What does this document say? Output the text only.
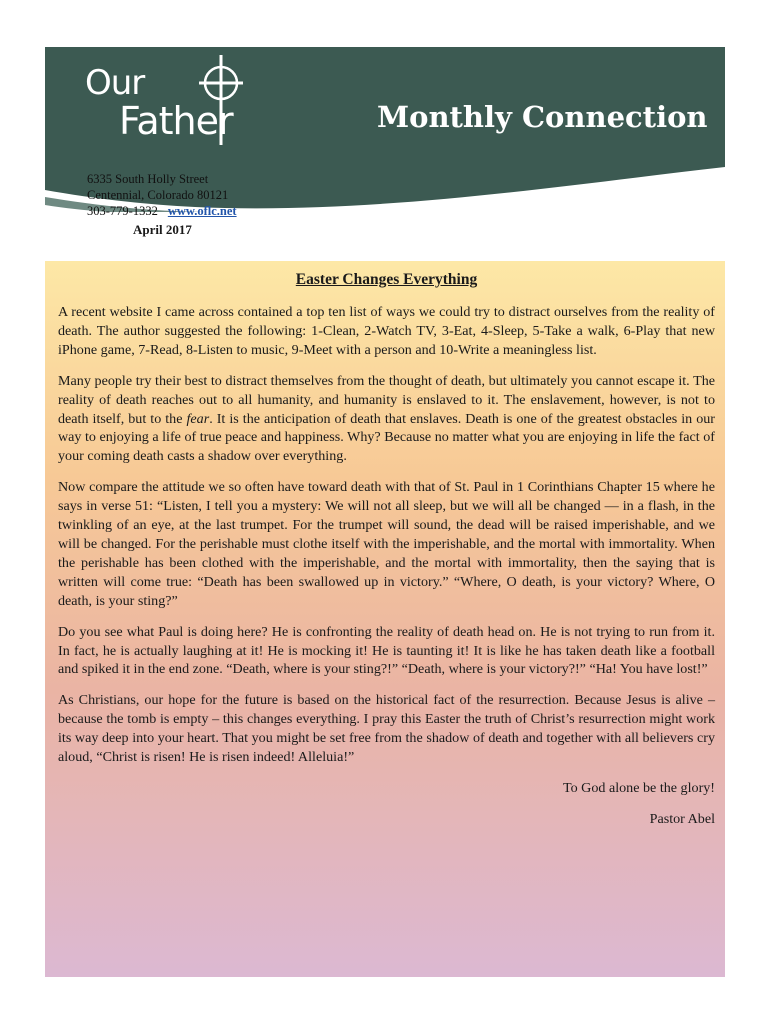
Our
Father	Monthly Connection
6335 South Holly Street
Centennial, Colorado 80121
303-779-1332 www.oflc.net
April 2017
Easter Changes Everything

A recent website I came across contained a top ten list of ways we could try to distract ourselves from the reality of death. The author suggested the following: 1-Clean, 2-Watch TV, 3-Eat, 4-Sleep, 5-Take a walk, 6-Play that new iPhone game, 7-Read, 8-Listen to music, 9-Meet with a person and 10-Write a meaningless list.

Many people try their best to distract themselves from the thought of death, but ultimately you cannot escape it. The reality of death reaches out to all humanity, and humanity is enslaved to it. The enslavement, however, is not to death itself, but to the fear. It is the anticipation of death that enslaves. Death is one of the greatest obstacles in our way to enjoying a life of true peace and happiness. Why? Because no matter what you are enjoying in life the fact of your coming death casts a shadow over everything.

Now compare the attitude we so often have toward death with that of St. Paul in 1 Corinthians Chapter 15 where he says in verse 51: “Listen, I tell you a mystery: We will not all sleep, but we will all be changed — in a flash, in the twinkling of an eye, at the last trumpet. For the trumpet will sound, the dead will be raised imperishable, and we will be changed. For the perishable must clothe itself with the imperishable, and the mortal with immortality. When the perishable has been clothed with the imperishable, and the mortal with immortality, then the saying that is written will come true: “Death has been swallowed up in victory.” “Where, O death, is your victory? Where, O death, is your sting?”

Do you see what Paul is doing here? He is confronting the reality of death head on. He is not trying to run from it. In fact, he is actually laughing at it! He is mocking it! He is taunting it! It is like he has taken death like a football and spiked it in the end zone. “Death, where is your sting?!” “Death, where is your victory?!” “Ha! You have lost!”

As Christians, our hope for the future is based on the historical fact of the resurrection. Because Jesus is alive – because the tomb is empty – this changes everything. I pray this Easter the truth of Christ’s resurrection might work its way deep into your heart. That you might be set free from the shadow of death and together with all believers cry aloud, “Christ is risen! He is risen indeed! Alleluia!”

To God alone be the glory!
Pastor Abel
